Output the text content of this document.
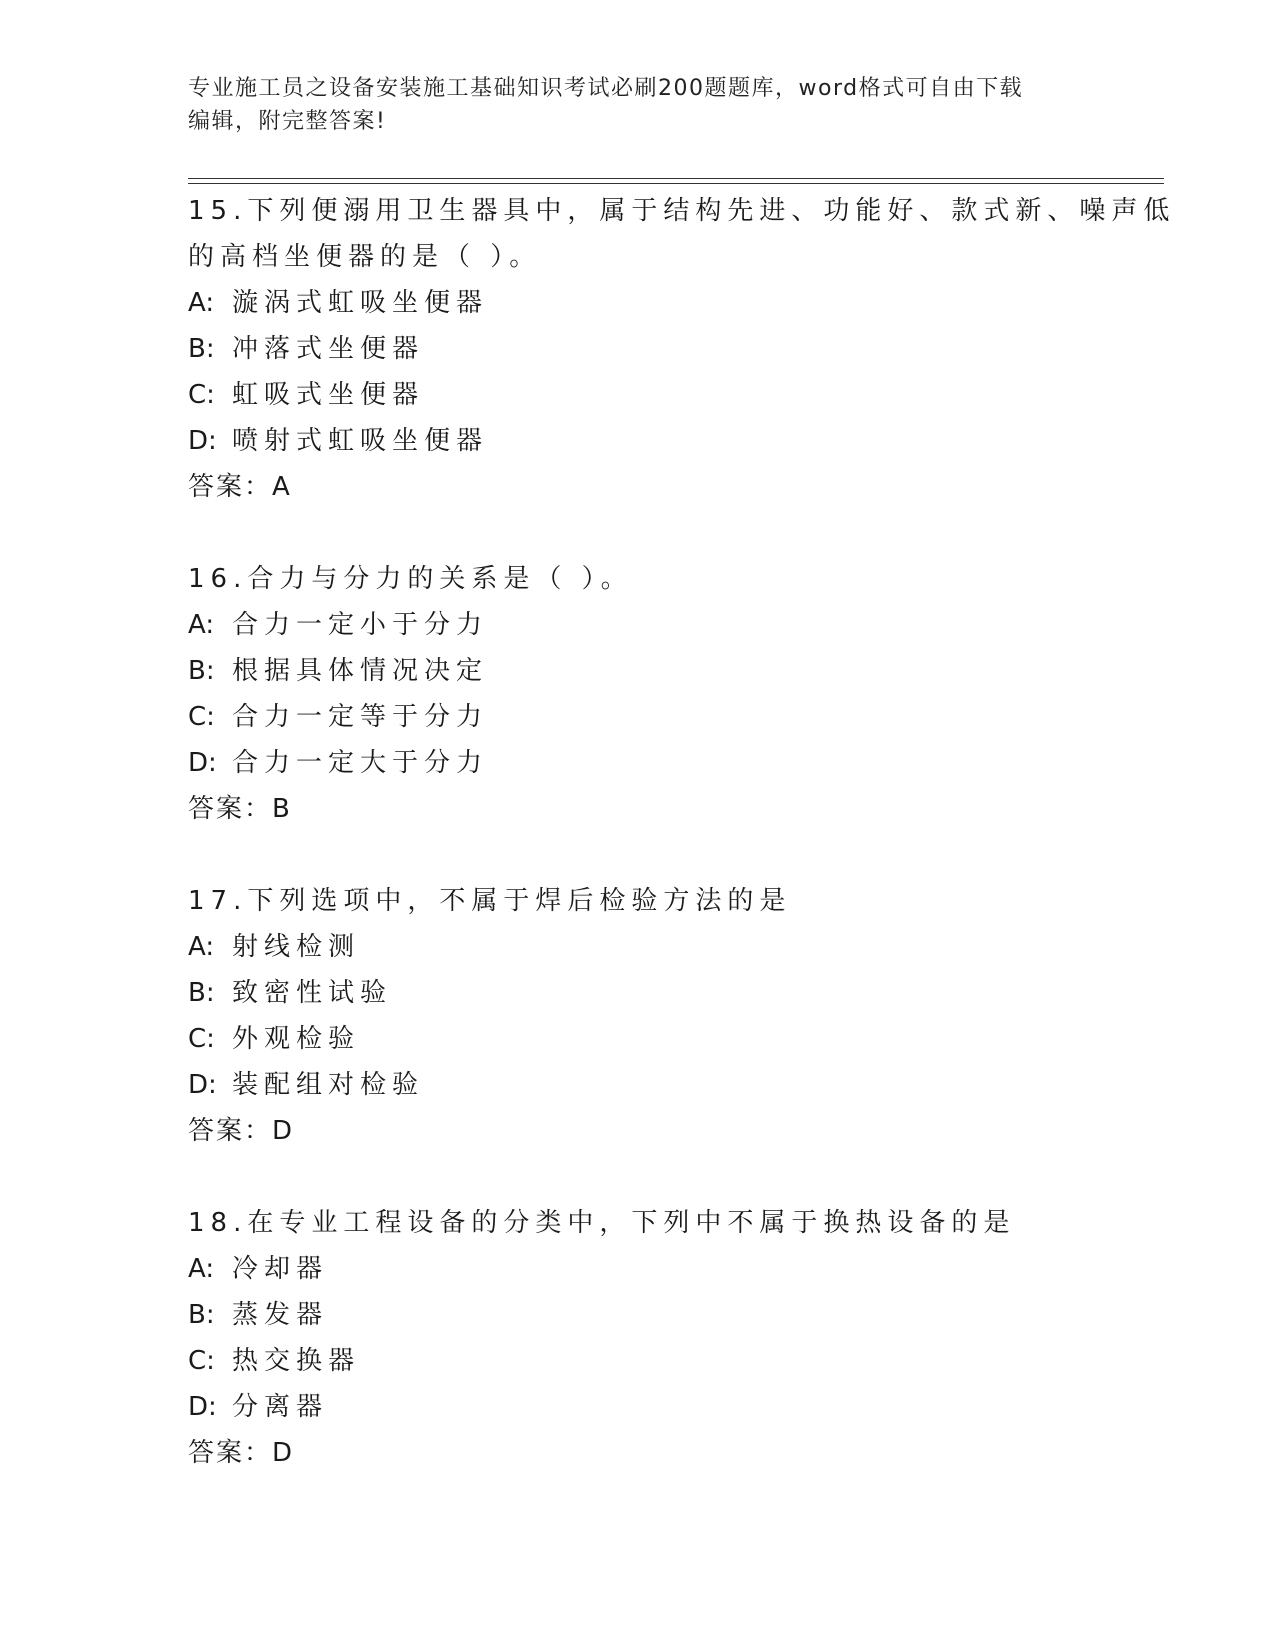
专业施工员之设备安装施工基础知识考试必刷200题题库，word格式可自由下载
编辑，附完整答案!
15.下列便溺用卫生器具中，属于结构先进、功能好、款式新、噪声低
的高档坐便器的是（ ）。
A: 漩涡式虹吸坐便器
B: 冲落式坐便器
C: 虹吸式坐便器
D: 喷射式虹吸坐便器
答案：A
16.合力与分力的关系是（ ）。
A: 合力一定小于分力
B: 根据具体情况决定
C: 合力一定等于分力
D: 合力一定大于分力
答案：B
17.下列选项中，不属于焊后检验方法的是
A: 射线检测
B: 致密性试验
C: 外观检验
D: 装配组对检验
答案：D
18.在专业工程设备的分类中，下列中不属于换热设备的是
A: 冷却器
B: 蒸发器
C: 热交换器
D: 分离器
答案：D
